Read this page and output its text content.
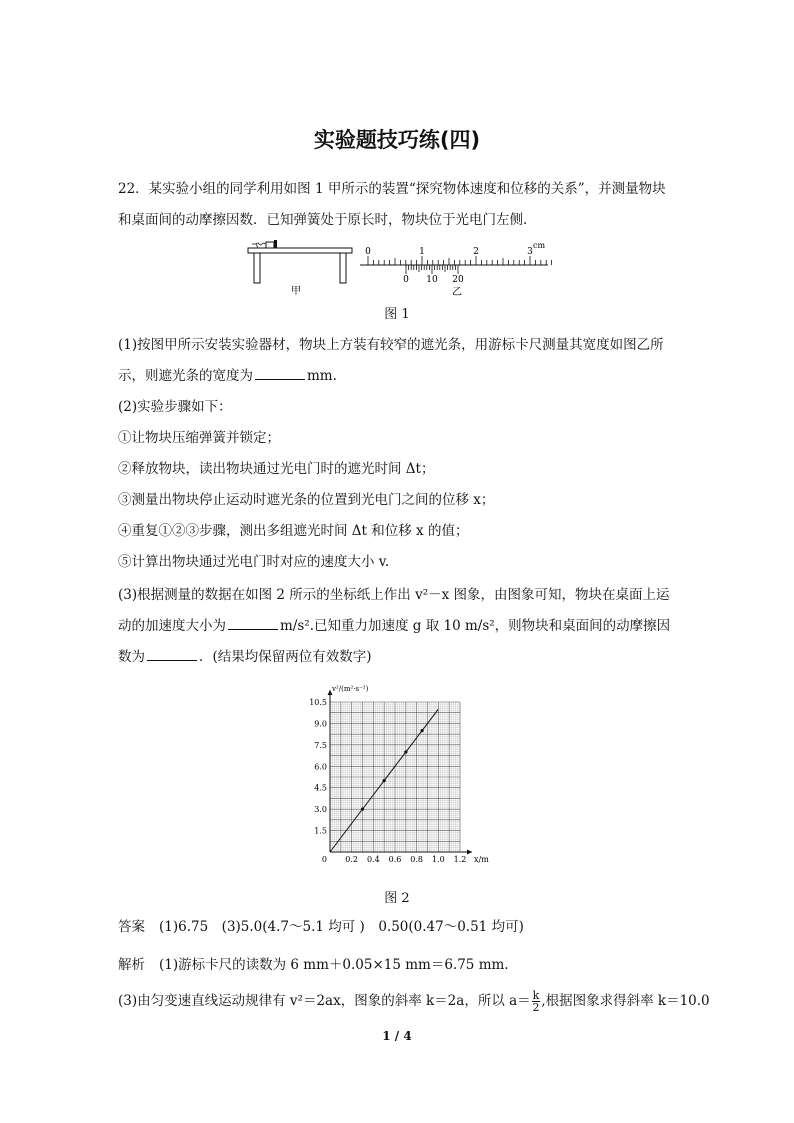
实验题技巧练(四)
22．某实验小组的同学利用如图 1 甲所示的装置“探究物体速度和位移的关系”，并测量物块
和桌面间的动摩擦因数．已知弹簧处于原长时，物块位于光电门左侧．
甲
0	1	2	3
cm
0 10 20
乙
图 1
(1)按图甲所示安装实验器材，物块上方装有较窄的遮光条，用游标卡尺测量其宽度如图乙所
示，则遮光条的宽度为	mm.
(2)实验步骤如下：
①让物块压缩弹簧并锁定；
②释放物块，读出物块通过光电门时的遮光时间 Δt；
③测量出物块停止运动时遮光条的位置到光电门之间的位移 x；
④重复①②③步骤，测出多组遮光时间 Δt 和位移 x 的值；
⑤计算出物块通过光电门时对应的速度大小 v.
(3)根据测量的数据在如图 2 所示的坐标纸上作出 v²－x 图象，由图象可知，物块在桌面上运
动的加速度大小为	m/s².已知重力加速度 g 取 10 m/s²，则物块和桌面间的动摩擦因
数为	．(结果均保留两位有效数字)
0.2 0.4 0.6 0.8 1.0 1.2
1.5
3.0
4.5
6.0
7.5
9.0
10.5
0	x/m
v²/(m²·s⁻²)
图 2
答案 (1)6.75　(3)5.0(4.7～5.1 均可 )　0.50(0.47～0.51 均可)
解析 (1)游标卡尺的读数为 6 mm＋0.05×15 mm＝6.75 mm.
(3)由匀变速直线运动规律有 v²＝2ax，图象的斜率 k＝2a，所以 $a= \frac{k}{2}$ ,根据图象求得斜率 k＝10.0
1 / 4
